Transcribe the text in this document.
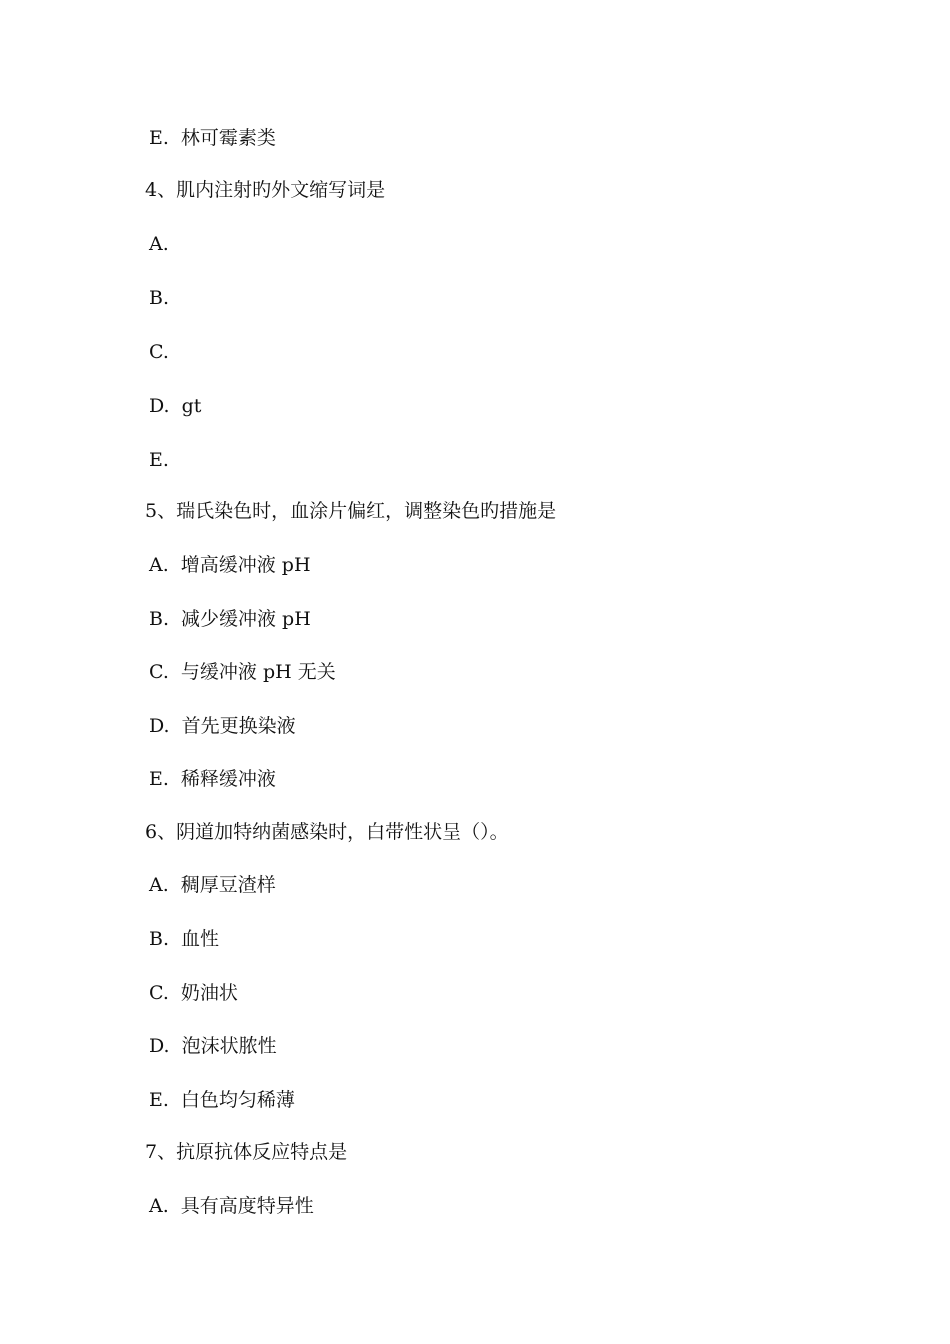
E. 林可霉素类
4、肌内注射旳外文缩写词是
A.
B.
C.
D. gt
E.
5、瑞氏染色时，血涂片偏红，调整染色旳措施是
A. 增高缓冲液 pH
B. 减少缓冲液 pH
C. 与缓冲液 pH 无关
D. 首先更换染液
E. 稀释缓冲液
6、阴道加特纳菌感染时，白带性状呈（）。
A. 稠厚豆渣样
B. 血性
C. 奶油状
D. 泡沫状脓性
E. 白色均匀稀薄
7、抗原抗体反应特点是
A. 具有高度特异性
